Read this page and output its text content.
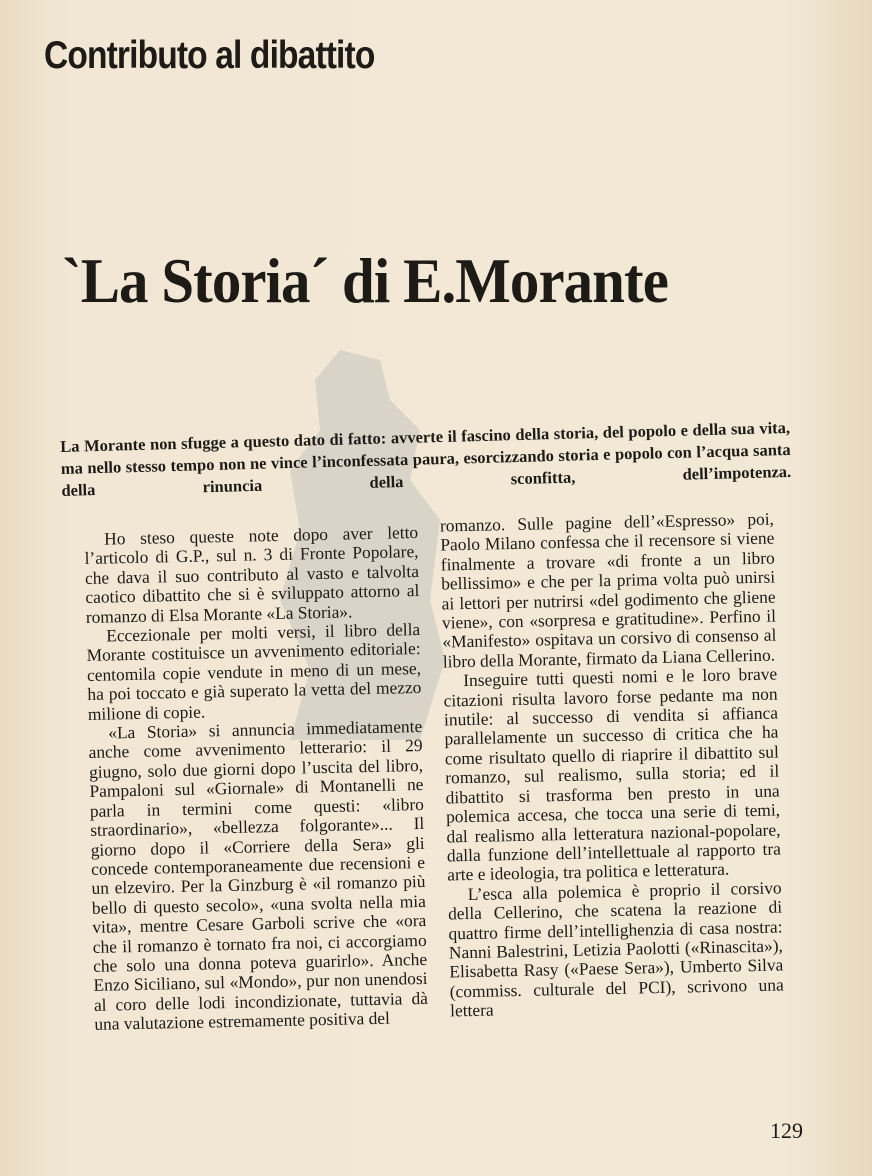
Contributo al dibattito
`La Storia´ di E.Morante
La Morante non sfugge a questo dato di fatto: avverte il fascino della storia, del popolo e della sua vita, ma nello stesso tempo non ne vince l’inconfessata paura, esorcizzando storia e popolo con l’acqua santa della rinuncia della sconfitta, dell’impotenza.

Ho steso queste note dopo aver letto l’articolo di G.P., sul n. 3 di Fronte Popolare, che dava il suo contributo al vasto e talvolta caotico dibattito che si è sviluppato attorno al romanzo di Elsa Morante «La Storia».

Eccezionale per molti versi, il libro della Morante costituisce un avvenimento editoriale: centomila copie vendute in meno di un mese, ha poi toccato e già superato la vetta del mezzo milione di copie.

«La Storia» si annuncia immediatamente anche come avvenimento letterario: il 29 giugno, solo due giorni dopo l’uscita del libro, Pampaloni sul «Giornale» di Montanelli ne parla in termini come questi: «libro straordinario», «bellezza folgorante»... Il giorno dopo il «Corriere della Sera» gli concede contemporaneamente due recensioni e un elzeviro. Per la Ginzburg è «il romanzo più bello di questo secolo», «una svolta nella mia vita», mentre Cesare Garboli scrive che «ora che il romanzo è tornato fra noi, ci accorgiamo che solo una donna poteva guarirlo». Anche Enzo Siciliano, sul «Mondo», pur non unendosi al coro delle lodi incondizionate, tuttavia dà una valutazione estremamente positiva del

romanzo. Sulle pagine dell’«Espresso» poi, Paolo Milano confessa che il recensore si viene finalmente a trovare «di fronte a un libro bellissimo» e che per la prima volta può unirsi ai lettori per nutrirsi «del godimento che gliene viene», con «sorpresa e gratitudine». Perfino il «Manifesto» ospitava un corsivo di consenso al libro della Morante, firmato da Liana Cellerino.

Inseguire tutti questi nomi e le loro brave citazioni risulta lavoro forse pedante ma non inutile: al successo di vendita si affianca parallelamente un successo di critica che ha come risultato quello di riaprire il dibattito sul romanzo, sul realismo, sulla storia; ed il dibattito si trasforma ben presto in una polemica accesa, che tocca una serie di temi, dal realismo alla letteratura nazional-popolare, dalla funzione dell’intellettuale al rapporto tra arte e ideologia, tra politica e letteratura.

L’esca alla polemica è proprio il corsivo della Cellerino, che scatena la reazione di quattro firme dell’intellighenzia di casa nostra: Nanni Balestrini, Letizia Paolotti («Rinascita»), Elisabetta Rasy («Paese Sera»), Umberto Silva (commiss. culturale del PCI), scrivono una lettera

129
